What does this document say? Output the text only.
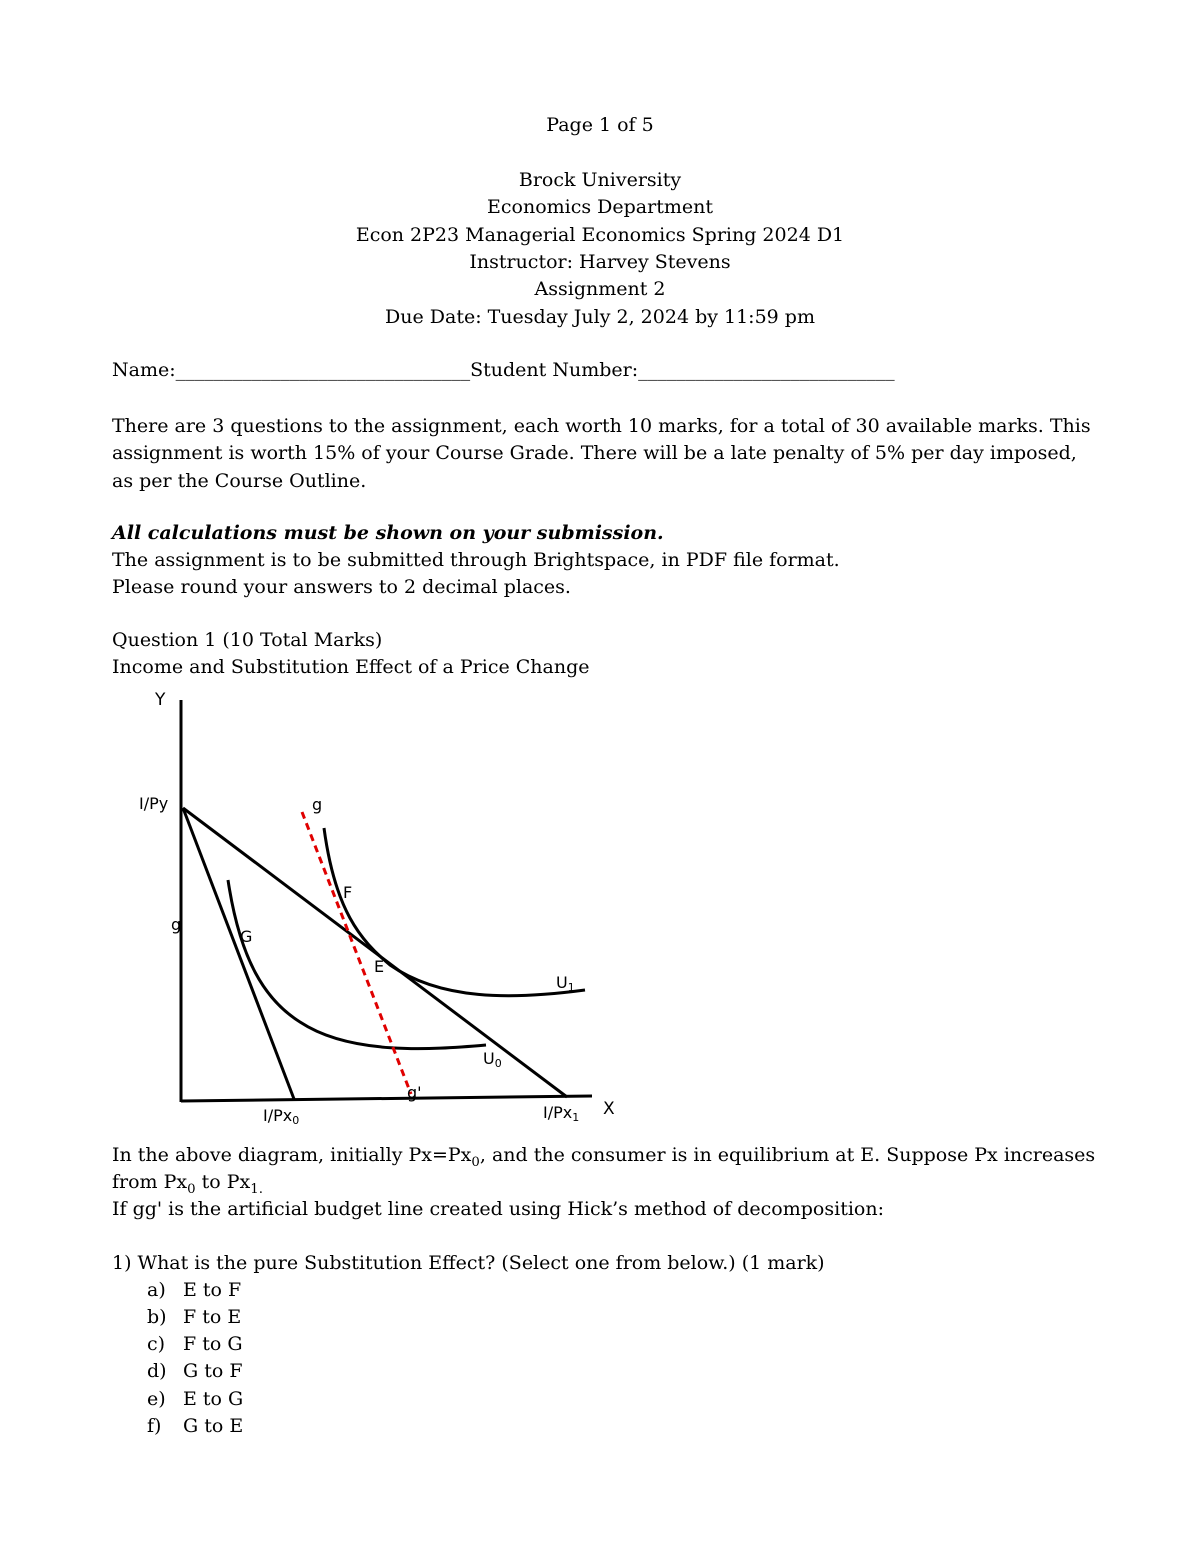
Page 1 of 5
Brock University
Economics Department
Econ 2P23 Managerial Economics Spring 2024 D1
Instructor: Harvey Stevens
Assignment 2
Due Date: Tuesday July 2, 2024 by 11:59 pm
Name:_______________________________Student Number:___________________________
There are 3 questions to the assignment, each worth 10 marks, for a total of 30 available marks. This assignment is worth 15% of your Course Grade. There will be a late penalty of 5% per day imposed, as per the Course Outline.
All calculations must be shown on your submission.
The assignment is to be submitted through Brightspace, in PDF file format.
Please round your answers to 2 decimal places.
Question 1 (10 Total Marks)
Income and Substitution Effect of a Price Change
Y
X
I/Py
I/Px0	I/Px1
g
g
g'
F
G
E
U1
U0
In the above diagram, initially $Px=Px_0$, and the consumer is in equilibrium at E. Suppose Px increases
from $Px_0$ to $Px_{1.}$
If gg' is the artificial budget line created using Hick’s method of decomposition:
1) What is the pure Substitution Effect? (Select one from below.) (1 mark)
a) E to F
b) F to E
c) F to G
d) G to F
e) E to G
f) G to E
